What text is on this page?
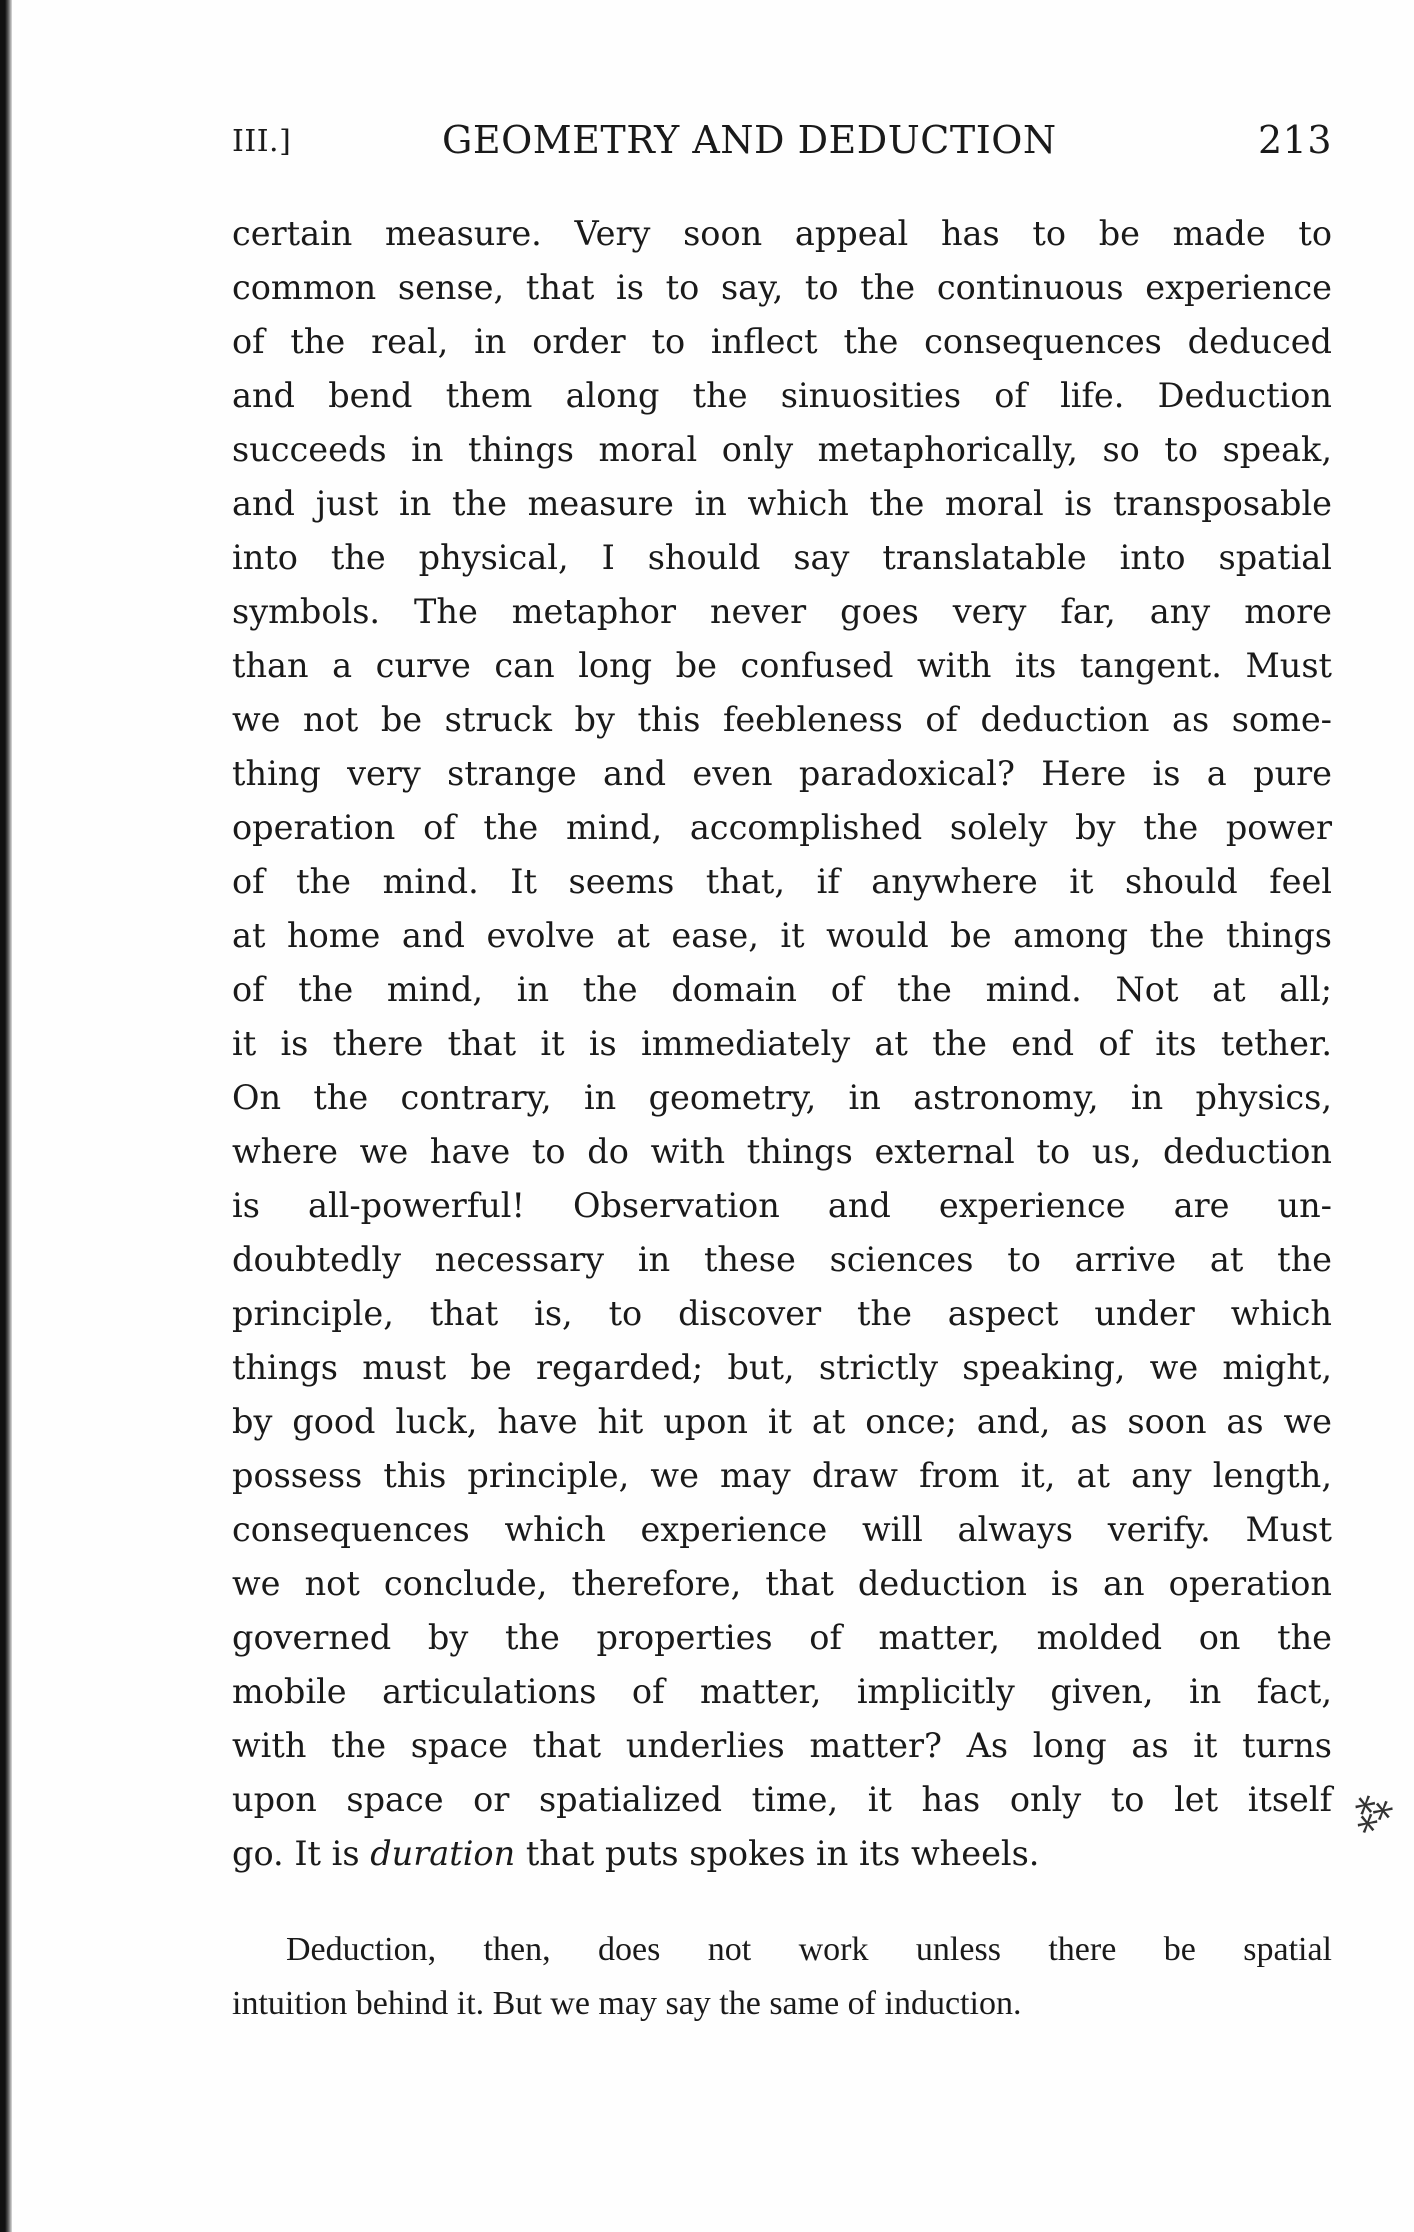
III.]	GEOMETRY AND DEDUCTION	213
certain measure. Very soon appeal has to be made to
common sense, that is to say, to the continuous experience
of the real, in order to inflect the consequences deduced
and bend them along the sinuosities of life. Deduction
succeeds in things moral only metaphorically, so to speak,
and just in the measure in which the moral is transposable
into the physical, I should say translatable into spatial
symbols. The metaphor never goes very far, any more
than a curve can long be confused with its tangent. Must
we not be struck by this feebleness of deduction as some-
thing very strange and even paradoxical? Here is a pure
operation of the mind, accomplished solely by the power
of the mind. It seems that, if anywhere it should feel
at home and evolve at ease, it would be among the things
of the mind, in the domain of the mind. Not at all;
it is there that it is immediately at the end of its tether.
On the contrary, in geometry, in astronomy, in physics,
where we have to do with things external to us, deduction
is all-powerful! Observation and experience are un-
doubtedly necessary in these sciences to arrive at the
principle, that is, to discover the aspect under which
things must be regarded; but, strictly speaking, we might,
by good luck, have hit upon it at once; and, as soon as we
possess this principle, we may draw from it, at any length,
consequences which experience will always verify. Must
we not conclude, therefore, that deduction is an operation
governed by the properties of matter, molded on the
mobile articulations of matter, implicitly given, in fact,
with the space that underlies matter? As long as it turns
upon space or spatialized time, it has only to let itself
go. It is duration that puts spokes in its wheels.
Deduction, then, does not work unless there be spatial
intuition behind it. But we may say the same of induction.
⁂
